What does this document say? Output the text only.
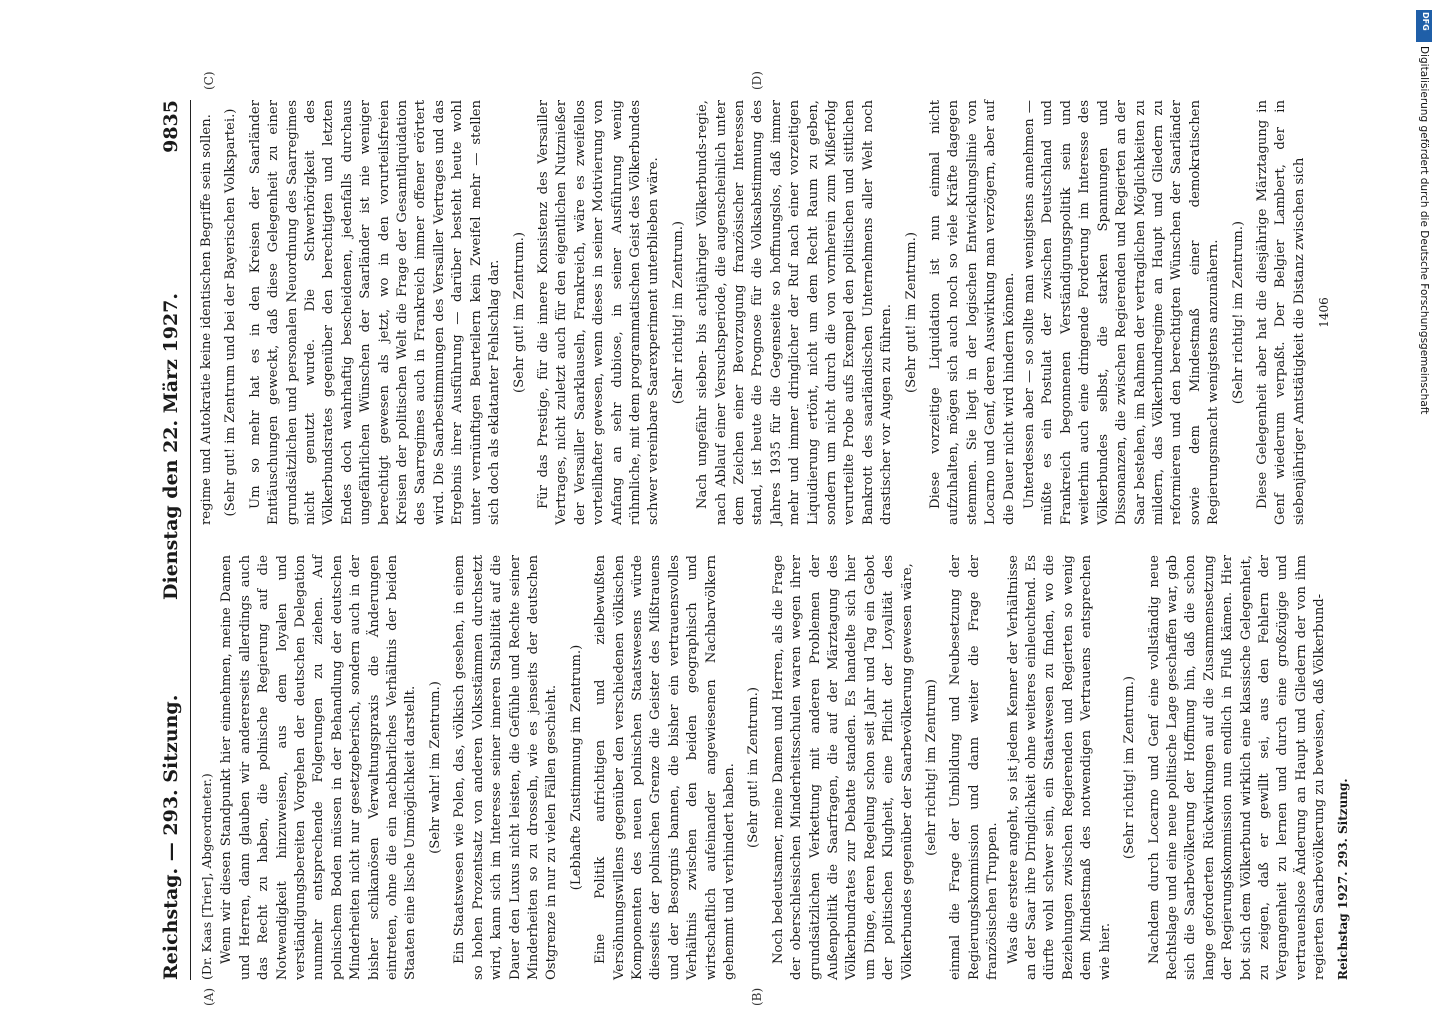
Reichstag. — 293. Sitzung.
Dienstag den 22. März 1927.
9835

(Dr. Kaas [Trier], Abgeordneter.) Wenn wir diesen Standpunkt hier einnehmen, meine Damen und Herren, dann glauben wir andererseits allerdings auch das Recht zu haben, die polnische Regierung auf die Notwendigkeit hinzuweisen, aus dem loyalen und verständigungsbereiten Vorgehen der deutschen Delegation nunmehr entsprechende Folgerungen zu ziehen. Auf polnischem Boden müssen in der Behandlung der deutschen Minderheiten nicht nur gesetzgeberisch, sondern auch in der bisher schikanösen Verwaltungspraxis die Änderungen eintreten, ohne die ein nachbarliches Verhältnis der beiden Staaten eine lische Unmöglichkeit darstellt. (Sehr wahr! im Zentrum.) Ein Staatswesen wie Polen, das, völkisch gesehen, in einem so hohen Prozentsatz von anderen Volksstämmen durchsetzt wird, kann sich im Interesse seiner inneren Stabilität auf die Dauer den Luxus nicht leisten, die Gefühle und Rechte seiner Minderheiten so zu drosseln, wie es jenseits der deutschen Ostgrenze in nur zu vielen Fällen geschieht. (Lebhafte Zustimmung im Zentrum.) Eine Politik aufrichtigen und zielbewußten Versöhnungswillens gegenüber den verschiedenen völkischen Komponenten des neuen polnischen Staatswesens würde diesseits der polnischen Grenze die Geister des Mißtrauens und der Besorgnis bannen, die bisher ein vertrauensvolles Verhältnis zwischen den beiden geographisch und wirtschaftlich aufeinander angewiesenen Nachbarvölkern gehemmt und verhindert haben. (Sehr gut! im Zentrum.) Noch bedeutsamer, meine Damen und Herren, als die Frage der oberschlesischen Minderheitsschulen waren wegen ihrer grundsätzlichen Verkettung mit anderen Problemen der Außenpolitik die Saarfragen, die auf der Märztagung des Völkerbundrates zur Debatte standen. Es handelte sich hier um Dinge, deren Regelung schon seit Jahr und Tag ein Gebot der politischen Klugheit, eine Pflicht der Loyalität des Völkerbundes gegenüber der Saarbevölkerung gewesen wäre, (sehr richtig! im Zentrum) einmal die Frage der Umbildung und Neubesetzung der Regierungskommission und dann weiter die Frage der französischen Truppen. Was die erstere angeht, so ist jedem Kenner der Verhältnisse an der Saar ihre Dringlichkeit ohne weiteres einleuchtend. Es dürfte wohl schwer sein, ein Staatswesen zu finden, wo die Beziehungen zwischen Regierenden und Regierten so wenig dem Mindestmaß des notwendigen Vertrauens entsprechen wie hier.

(Sehr richtig! im Zentrum.) Nachdem durch Locarno und Genf eine vollständig neue Rechtslage und eine neue politische Lage geschaffen war, gab sich die Saarbevölkerung der Hoffnung hin, daß die schon lange geforderten Rückwirkungen auf die Zusammensetzung der Regierungskommission nun endlich in Fluß kämen. Hier bot sich dem Völkerbund wirklich eine klassische Gelegenheit, zu zeigen, daß er gewillt sei, aus den Fehlern der Vergangenheit zu lernen und durch eine großzügige und vertrauenslose Änderung an Haupt und Gliedern der von ihm regierten Saarbevölkerung zu beweisen, daß Völkerbund- Reichstag 1927. 293. Sitzung.

regime und Autokratie keine identischen Begriffe sein sollen. (Sehr gut! im Zentrum und bei der Bayerischen Volkspartei.) Um so mehr hat es in den Kreisen der Saarländer Enttäuschungen geweckt, daß diese Gelegenheit zu einer grundsätzlichen und personalen Neuordnung des Saarregimes nicht genutzt wurde. Die Schwerhörigkeit des Völkerbundsrates gegenüber den berechtigten und letzten Endes doch wahrhaftig bescheidenen, jedenfalls durchaus ungefährlichen Wünschen der Saarländer ist nie weniger berechtigt gewesen als jetzt, wo in den vorurteilsfreien Kreisen der politischen Welt die Frage der Gesamtliquidation des Saarregimes auch in Frankreich immer offener erörtert wird. Die Saarbestimmungen des Versailler Vertrages und das Ergebnis ihrer Ausführung — darüber besteht heute wohl unter vernünftigen Beurteilern kein Zweifel mehr — stellen sich doch als eklatanter Fehlschlag dar. (Sehr gut! im Zentrum.) Für das Prestige, für die innere Konsistenz des Versailler Vertrages, nicht zuletzt auch für den eigentlichen Nutznießer der Versailler Saarklauseln, Frankreich, wäre es zweifellos vorteilhafter gewesen, wenn dieses in seiner Motivierung von Anfang an sehr dubiose, in seiner Ausführung wenig rühmliche, mit dem programmatischen Geist des Völkerbundes schwer vereinbare Saarexperiment unterblieben wäre. (Sehr richtig! im Zentrum.) Nach ungefähr sieben- bis achtjähriger Völkerbunds-regie, nach Ablauf einer Versuchsperiode, die augenscheinlich unter dem Zeichen einer Bevorzugung französischer Interessen stand, ist heute die Prognose für die Volksabstimmung des Jahres 1935 für die Gegenseite so hoffnungslos, daß immer mehr und immer dringlicher der Ruf nach einer vorzeitigen Liquidierung ertönt, nicht um dem Recht Raum zu geben, sondern um nicht durch die von vornherein zum Mißerfolg verurteilte Probe aufs Exempel den politischen und sittlichen Bankrott des saarländischen Unternehmens aller Welt noch drastischer vor Augen zu führen. (Sehr gut! im Zentrum.) Diese vorzeitige Liquidation ist nun einmal nicht aufzuhalten, mögen sich auch noch so viele Kräfte dagegen stemmen. Sie liegt in der logischen Entwicklungslinie von Locarno und Genf, deren Auswirkung man verzögern, aber auf die Dauer nicht wird hindern können. Unterdessen aber — so sollte man wenigstens annehmen — müßte es ein Postulat der zwischen Deutschland und Frankreich begonnenen Verständigungspolitik sein und weiterhin auch eine dringende Forderung im Interesse des Völkerbundes selbst, die starken Spannungen und Dissonanzen, die zwischen Regierenden und Regierten an der Saar bestehen, im Rahmen der vertraglichen Möglichkeiten zu mildern, das Völkerbundregime an Haupt und Gliedern zu reformieren und den berechtigten Wünschen der Saarländer sowie dem Mindestmaß einer demokratischen Regierungsmacht wenigstens anzunähern. (Sehr richtig! im Zentrum.) Diese Gelegenheit aber hat die diesjährige Märztagung in Genf wiederum verpaßt. Der Belgier Lambert, der in siebenjähriger Amtstätigkeit die Distanz zwischen sich 1406

(A)	(B)
(C)	(D)
DFG
Digitalisierung gefördert durch die Deutsche Forschungsgemeinschaft
